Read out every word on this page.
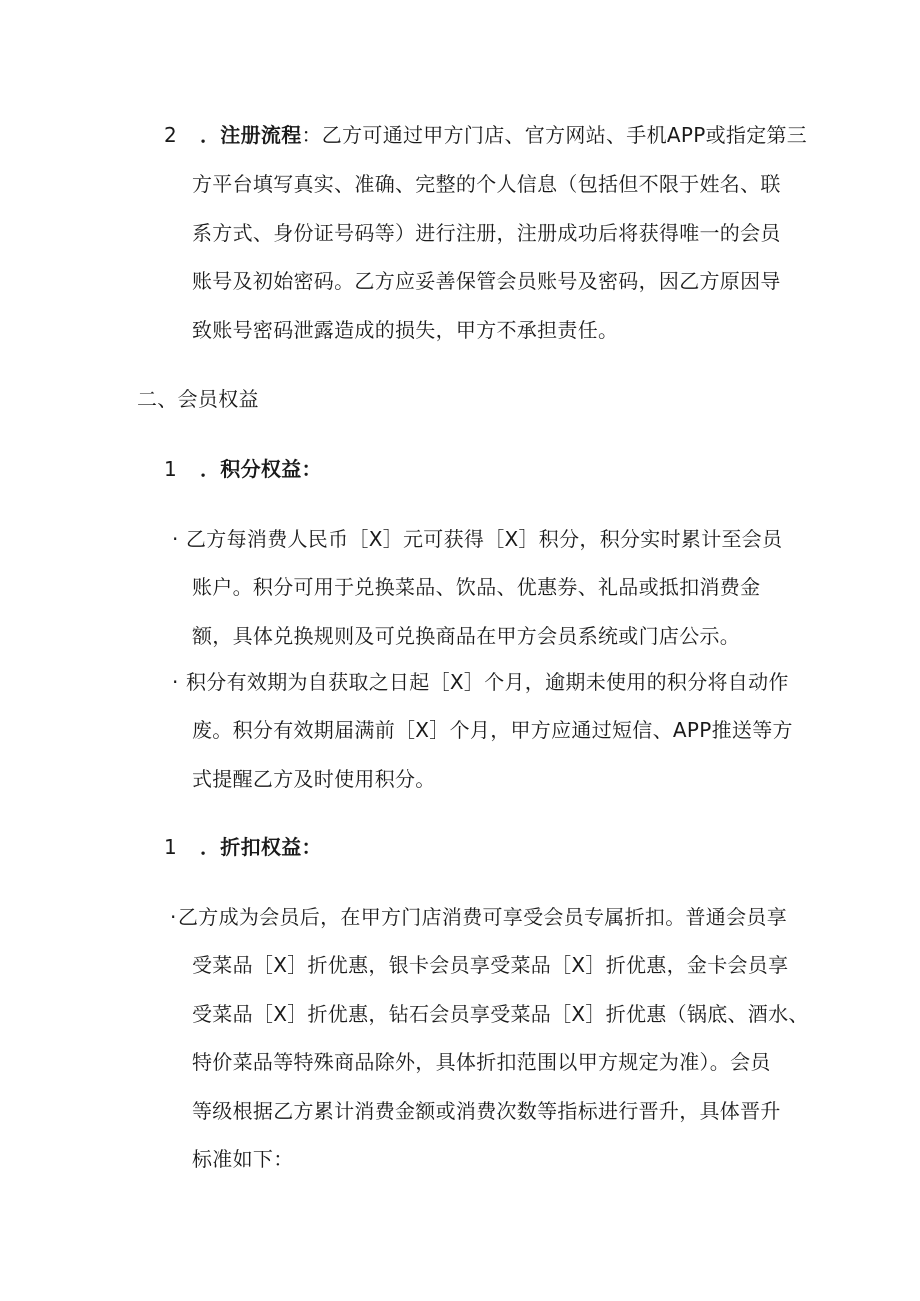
2 ．注册流程：乙方可通过甲方门店、官方网站、手机APP或指定第三
方平台填写真实、准确、完整的个人信息（包括但不限于姓名、联
系方式、身份证号码等）进行注册，注册成功后将获得唯一的会员
账号及初始密码。乙方应妥善保管会员账号及密码，因乙方原因导
致账号密码泄露造成的损失，甲方不承担责任。
二、会员权益
1 ．积分权益：
· 乙方每消费人民币［X］元可获得［X］积分，积分实时累计至会员
账户。积分可用于兑换菜品、饮品、优惠券、礼品或抵扣消费金
额，具体兑换规则及可兑换商品在甲方会员系统或门店公示。
· 积分有效期为自获取之日起［X］个月，逾期未使用的积分将自动作
废。积分有效期届满前［X］个月，甲方应通过短信、APP推送等方
式提醒乙方及时使用积分。
1 ．折扣权益：
·乙方成为会员后，在甲方门店消费可享受会员专属折扣。普通会员享
受菜品［X］折优惠，银卡会员享受菜品［X］折优惠，金卡会员享
受菜品［X］折优惠，钻石会员享受菜品［X］折优惠（锅底、酒水、
特价菜品等特殊商品除外，具体折扣范围以甲方规定为准）。会员
等级根据乙方累计消费金额或消费次数等指标进行晋升，具体晋升
标准如下：
